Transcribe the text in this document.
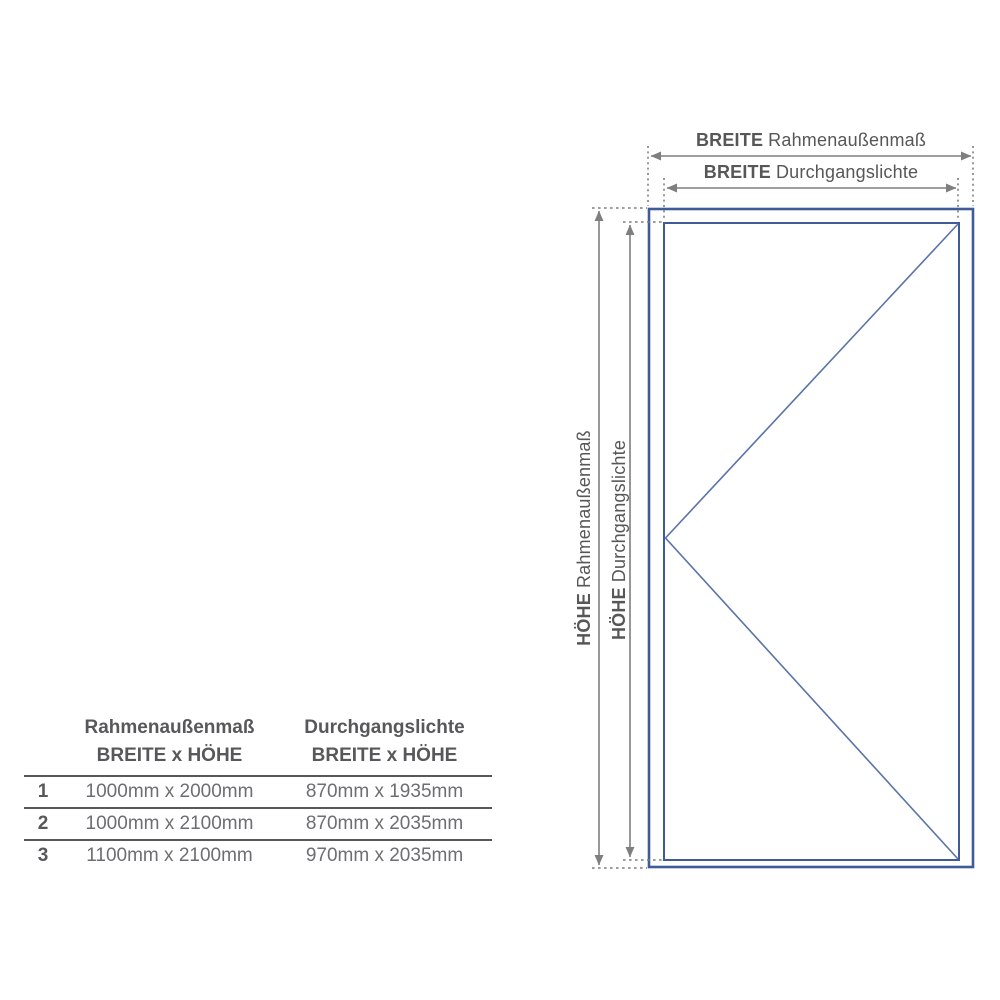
BREITE Rahmenaußenmaß
BREITE Durchgangslichte
HÖHERahmenaußenmaß
HÖHEDurchgangslichte
Rahmenaußenmaß
BREITE x HÖHE
Durchgangslichte
BREITE x HÖHE
1	1000mm x 2000mm	870mm x 1935mm
2	1000mm x 2100mm	870mm x 2035mm
3	1100mm x 2100mm	970mm x 2035mm
